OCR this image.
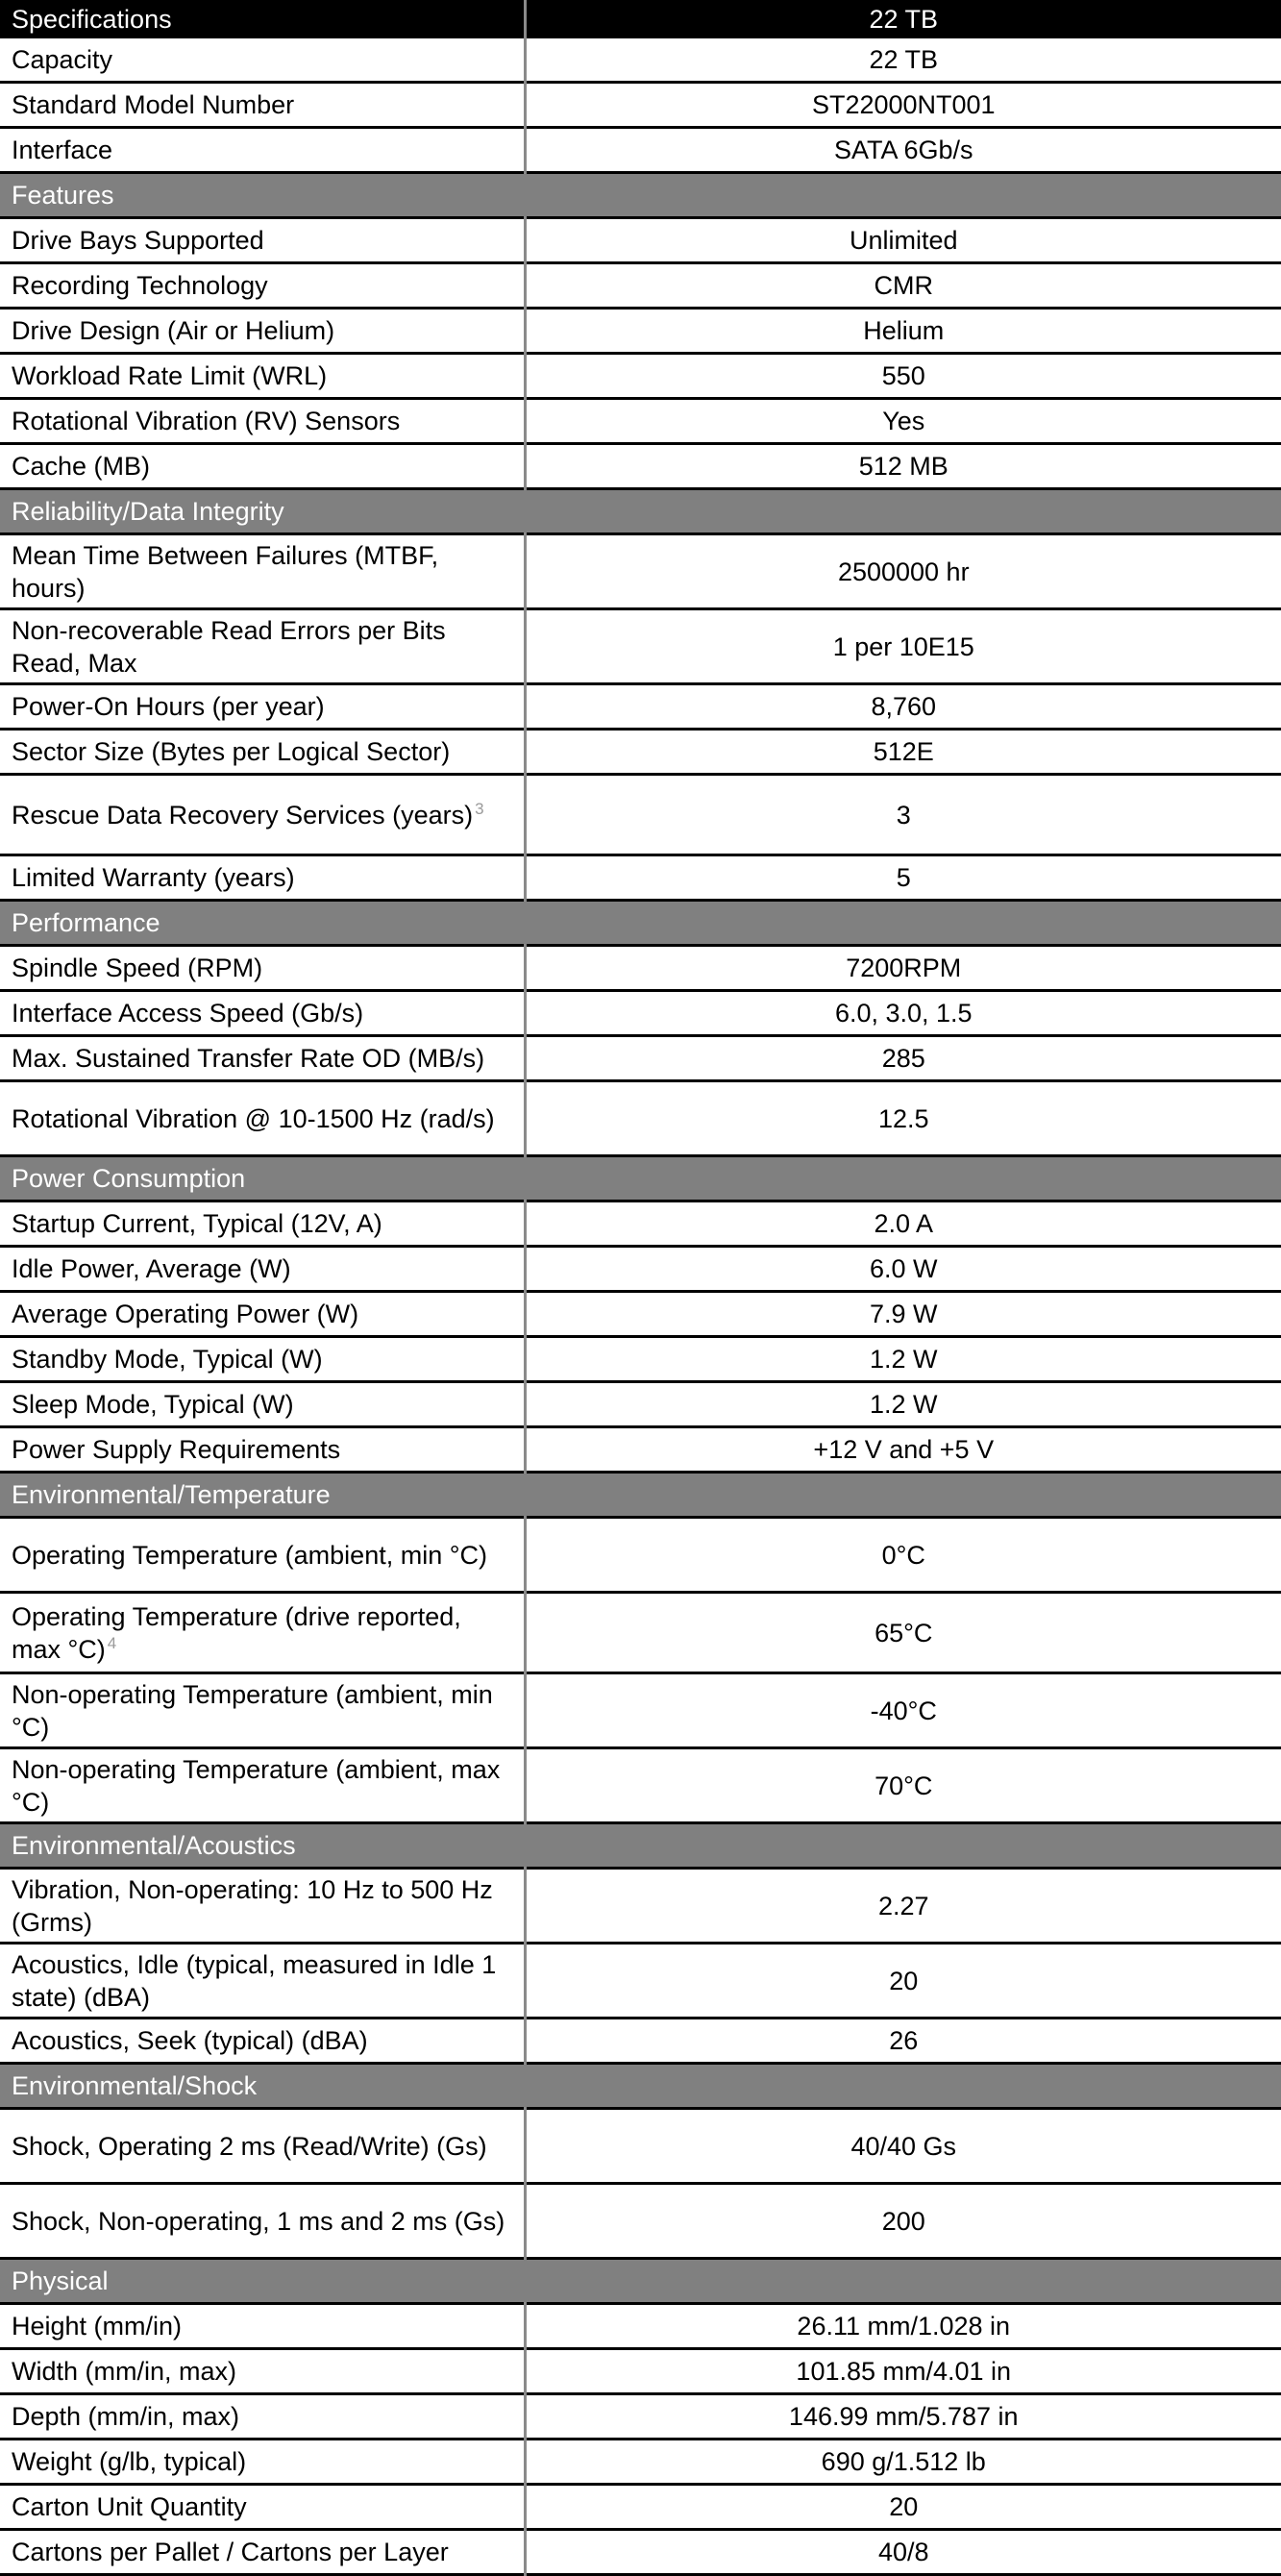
Specifications	22 TB
Capacity	22 TB
Standard Model Number	ST22000NT001
Interface	SATA 6Gb/s
Features	
Drive Bays Supported	Unlimited
Recording Technology	CMR
Drive Design (Air or Helium)	Helium
Workload Rate Limit (WRL)	550
Rotational Vibration (RV) Sensors	Yes
Cache (MB)	512 MB
Reliability/Data Integrity	
Mean Time Between Failures (MTBF, hours)	2500000 hr
Non-recoverable Read Errors per Bits Read, Max	1 per 10E15
Power-On Hours (per year)	8,760
Sector Size (Bytes per Logical Sector)	512E
Rescue Data Recovery Services (years) $^3$	3
Limited Warranty (years)	5
Performance	
Spindle Speed (RPM)	7200RPM
Interface Access Speed (Gb/s)	6.0, 3.0, 1.5
Max. Sustained Transfer Rate OD (MB/s)	285
Rotational Vibration @ 10-1500 Hz (rad/s)	12.5
Power Consumption	
Startup Current, Typical (12V, A)	2.0 A
Idle Power, Average (W)	6.0 W
Average Operating Power (W)	7.9 W
Standby Mode, Typical (W)	1.2 W
Sleep Mode, Typical (W)	1.2 W
Power Supply Requirements	+12 V and +5 V
Environmental/Temperature	
Operating Temperature (ambient, min °C)	0°C
Operating Temperature (drive reported, max °C) $^4$	65°C
Non-operating Temperature (ambient, min °C)	-40°C
Non-operating Temperature (ambient, max °C)	70°C
Environmental/Acoustics	
Vibration, Non-operating: 10 Hz to 500 Hz (Grms)	2.27
Acoustics, Idle (typical, measured in Idle 1 state) (dBA)	20
Acoustics, Seek (typical) (dBA)	26
Environmental/Shock	
Shock, Operating 2 ms (Read/Write) (Gs)	40/40 Gs
Shock, Non-operating, 1 ms and 2 ms (Gs)	200
Physical	
Height (mm/in)	26.11 mm/1.028 in
Width (mm/in, max)	101.85 mm/4.01 in
Depth (mm/in, max)	146.99 mm/5.787 in
Weight (g/lb, typical)	690 g/1.512 lb
Carton Unit Quantity	20
Cartons per Pallet / Cartons per Layer	40/8
